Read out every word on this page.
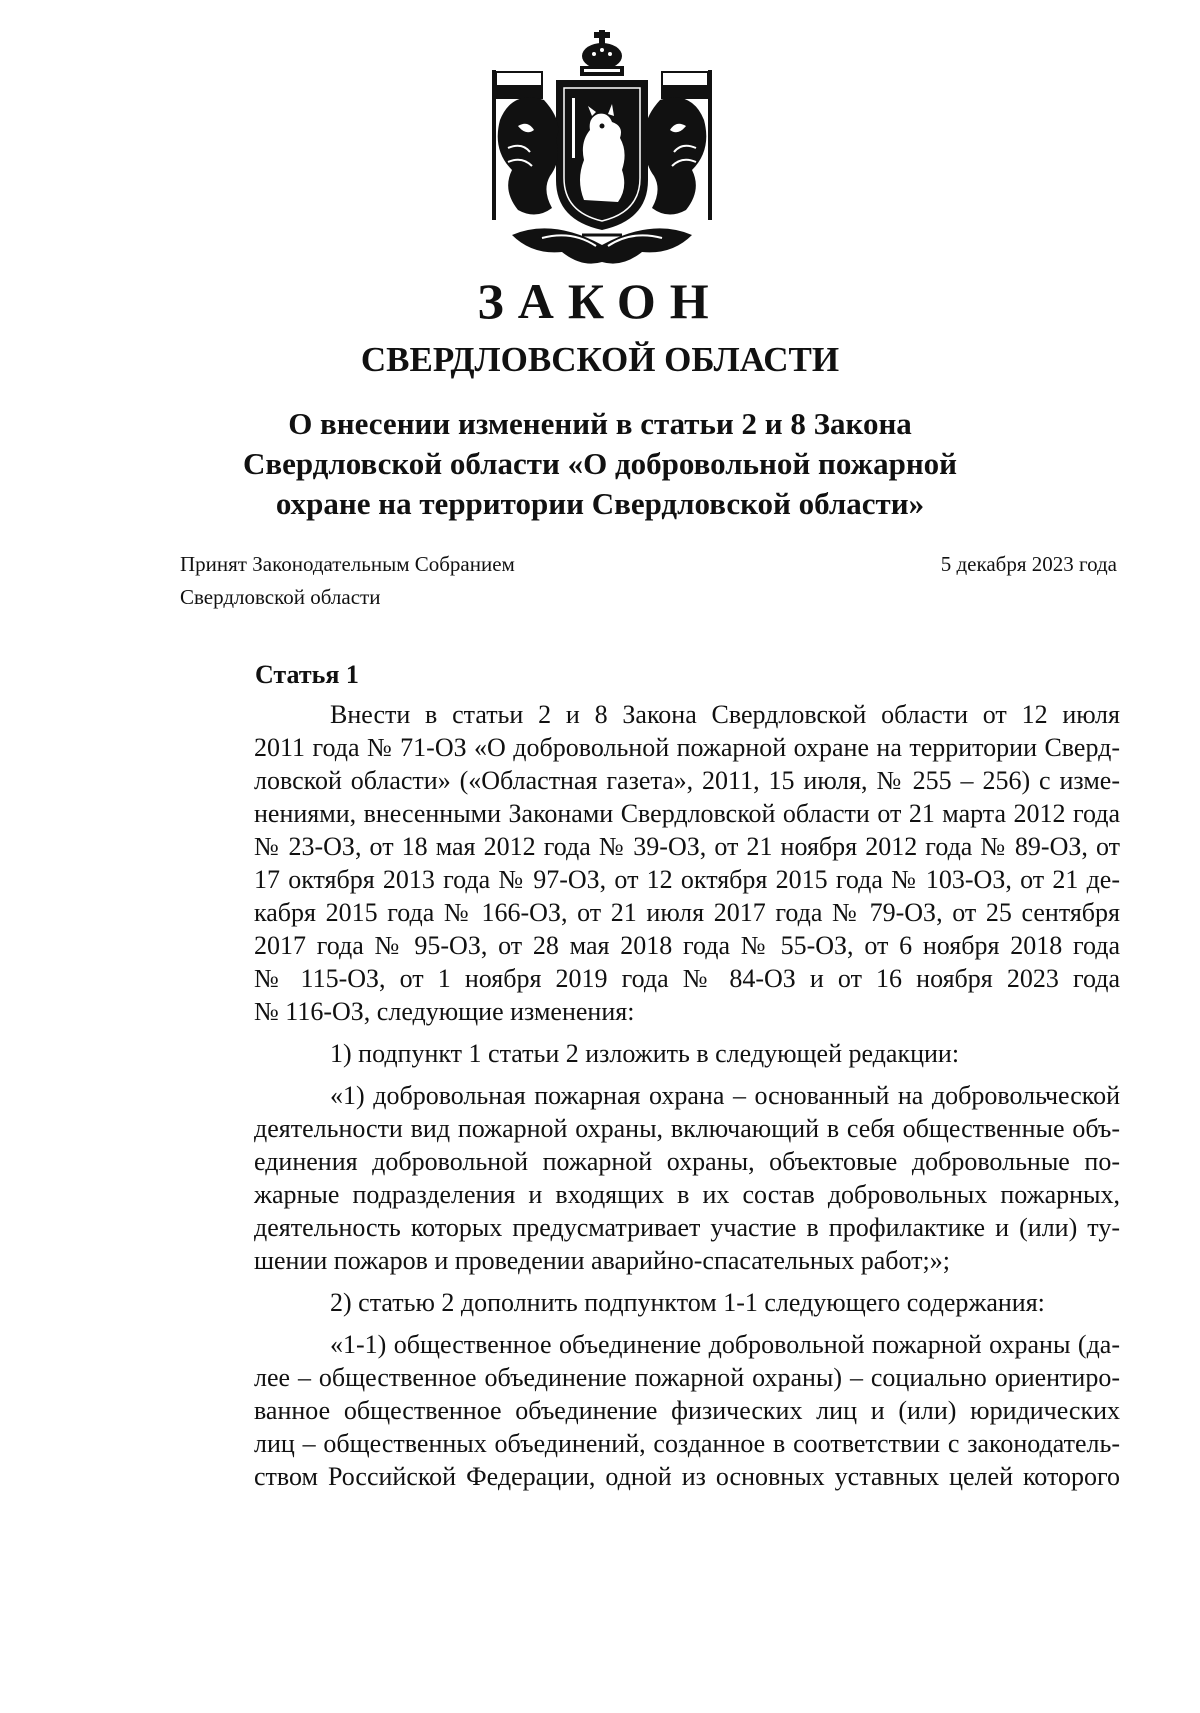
ЗАКОН
СВЕРДЛОВСКОЙ ОБЛАСТИ
О внесении изменений в статьи 2 и 8 Закона
Свердловской области «О добровольной пожарной
охране на территории Свердловской области»
Принят Законодательным Собранием
Свердловской области
5 декабря 2023 года
Статья 1
Внести в статьи 2 и 8 Закона Свердловской области от 12 июля
2011 года № 71-ОЗ «О добровольной пожарной охране на территории Сверд-
ловской области» («Областная газета», 2011, 15 июля, № 255 – 256) с изме-
нениями, внесенными Законами Свердловской области от 21 марта 2012 года
№ 23-ОЗ, от 18 мая 2012 года № 39-ОЗ, от 21 ноября 2012 года № 89-ОЗ, от
17 октября 2013 года № 97-ОЗ, от 12 октября 2015 года № 103-ОЗ, от 21 де-
кабря 2015 года № 166-ОЗ, от 21 июля 2017 года № 79-ОЗ, от 25 сентября
2017 года № 95-ОЗ, от 28 мая 2018 года № 55-ОЗ, от 6 ноября 2018 года
№ 115-ОЗ, от 1 ноября 2019 года № 84-ОЗ и от 16 ноября 2023 года
№ 116-ОЗ, следующие изменения:
1) подпункт 1 статьи 2 изложить в следующей редакции:
«1) добровольная пожарная охрана – основанный на добровольческой
деятельности вид пожарной охраны, включающий в себя общественные объ-
единения добровольной пожарной охраны, объектовые добровольные по-
жарные подразделения и входящих в их состав добровольных пожарных,
деятельность которых предусматривает участие в профилактике и (или) ту-
шении пожаров и проведении аварийно-спасательных работ;»;
2) статью 2 дополнить подпунктом 1-1 следующего содержания:
«1-1) общественное объединение добровольной пожарной охраны (да-
лее – общественное объединение пожарной охраны) – социально ориентиро-
ванное общественное объединение физических лиц и (или) юридических
лиц – общественных объединений, созданное в соответствии с законодатель-
ством Российской Федерации, одной из основных уставных целей которого
